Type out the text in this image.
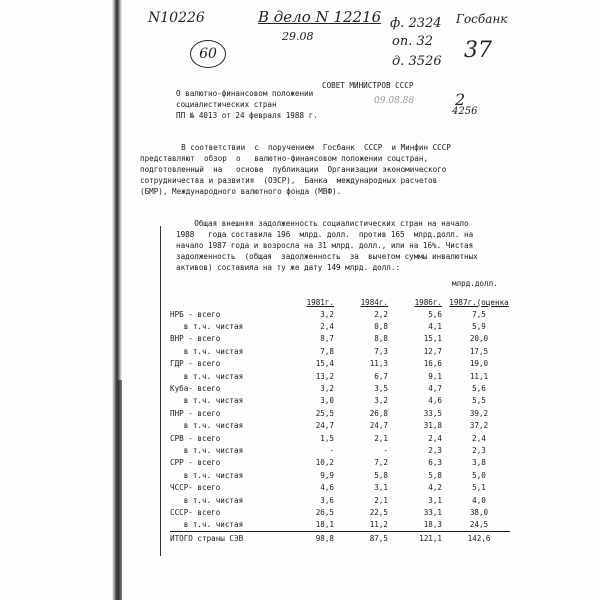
N10226	В дело N 12216
29.08
ф. 2324
оп. 32
д. 3526
Госбанк
37
60
2
4256
09.08.88
СОВЕТ МИНИСТРОВ СССР
О валютно-финансовом положении
социалистических стран
ПП № 4013 от 24 февраля 1988 г.
В соответствии  с  поручением  Госбанк  СССР  и Минфин СССР
представляют  обзор  о   валютно-финансовом положении соцстран,
подготовленный  на   основе  публикации  Организации экономического
сотрудничества и развития  (ОЭСР),  Банка  международных расчетов
(БМР), Международного валютного фонда (МВФ).
Общая внешняя задолженность социалистических стран на начало
1988   года составила 196  млрд. долл.  против 165  млрд.долл. на
начало 1987 года и возросла на 31 млрд. долл., или на 16%. Чистая
задолженность  (общая  задолженность  за  вычетом суммы инвалютных
активов) составила на ту же дату 149 млрд. долл.:
млрд.долл.
	1981г.	1984г.	1986г.	1987г.(оценка
НРБ - всего	3,2	2,2	5,6	7,5
в т.ч. чистая	2,4	0,8	4,1	5,9
ВНР - всего	8,7	8,8	15,1	20,0
в т.ч. чистая	7,8	7,3	12,7	17,5
ГДР - всего	15,4	11,3	16,6	19,0
в т.ч. чистая	13,2	6,7	9,1	11,1
Куба- всего	3,2	3,5	4,7	5,6
в т.ч. чистая	3,0	3,2	4,6	5,5
ПНР - всего	25,5	26,8	33,5	39,2
в т.ч. чистая	24,7	24,7	31,8	37,2
СРВ - всего	1,5	2,1	2,4	2,4
в т.ч. чистая	-	-	2,3	2,3
СРР - всего	10,2	7,2	6,3	3,8
в т.ч. чистая	9,9	5,8	5,8	5,0
ЧССР- всего	4,6	3,1	4,2	5,1
в т.ч. чистая	3,6	2,1	3,1	4,0
СССР- всего	26,5	22,5	33,1	38,0
в т.ч. чистая	18,1	11,2	18,3	24,5
ИТОГО страны СЭВ	98,8	87,5	121,1	142,6
